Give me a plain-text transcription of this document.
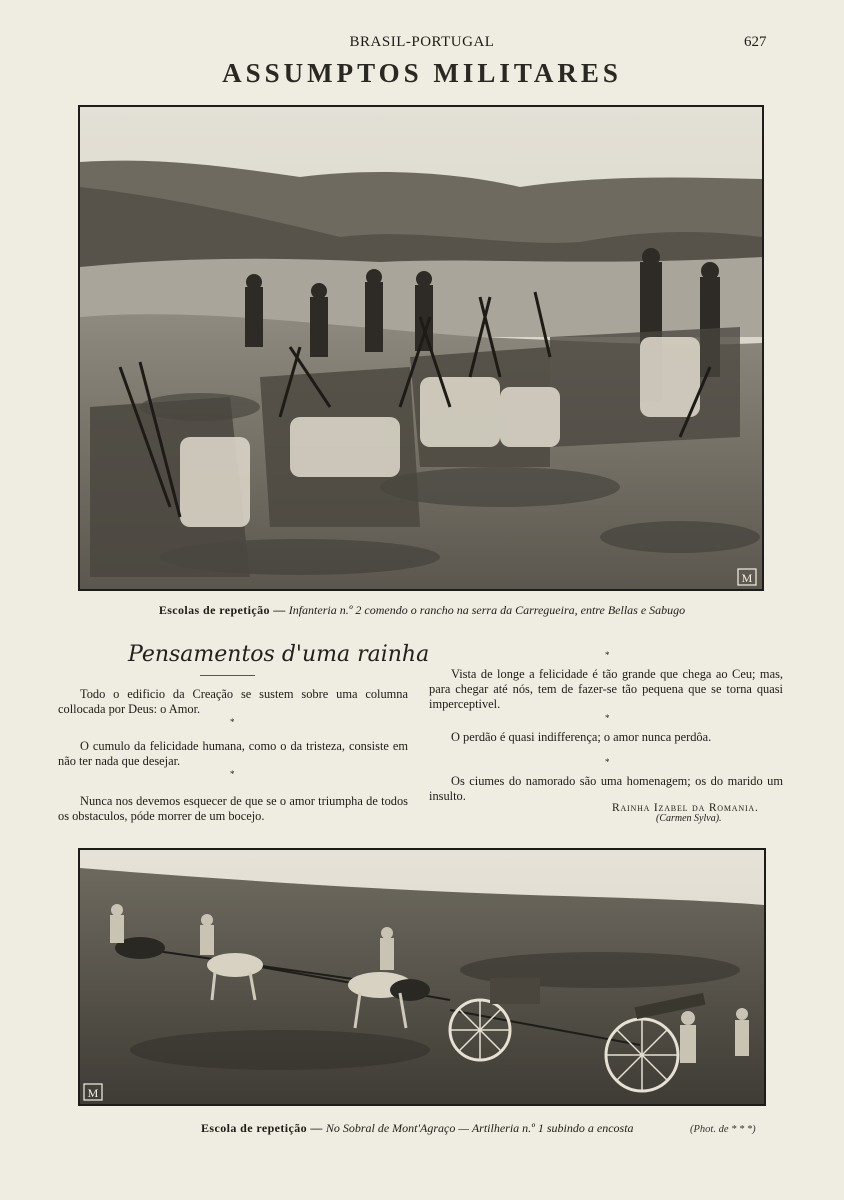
BRASIL-PORTUGAL	627
ASSUMPTOS MILITARES
M
Escolas de repetição — Infanteria n.º 2 comendo o rancho na serra da Carregueira, entre Bellas e Sabugo
Pensamentos d'uma rainha
Todo o edificio da Creação se sustem sobre uma columna collocada por Deus: o Amor.
*
O cumulo da felicidade humana, como o da tristeza, consiste em não ter nada que desejar.
*
Nunca nos devemos esquecer de que se o amor triumpha de todos os obstaculos, póde morrer de um bocejo.
*
Vista de longe a felicidade é tão grande que chega ao Ceu; mas, para chegar até nós, tem de fazer-se tão pequena que se torna quasi imperceptivel.
*
O perdão é quasi indifferença; o amor nunca perdôa.
*
Os ciumes do namorado são uma homenagem; os do marido um insulto.
Rainha Izabel da Romania.
(Carmen Sylva).
M
Escola de repetição — No Sobral de Mont'Agraço — Artilheria n.º 1 subindo a encosta	(Phot. de * * *)
